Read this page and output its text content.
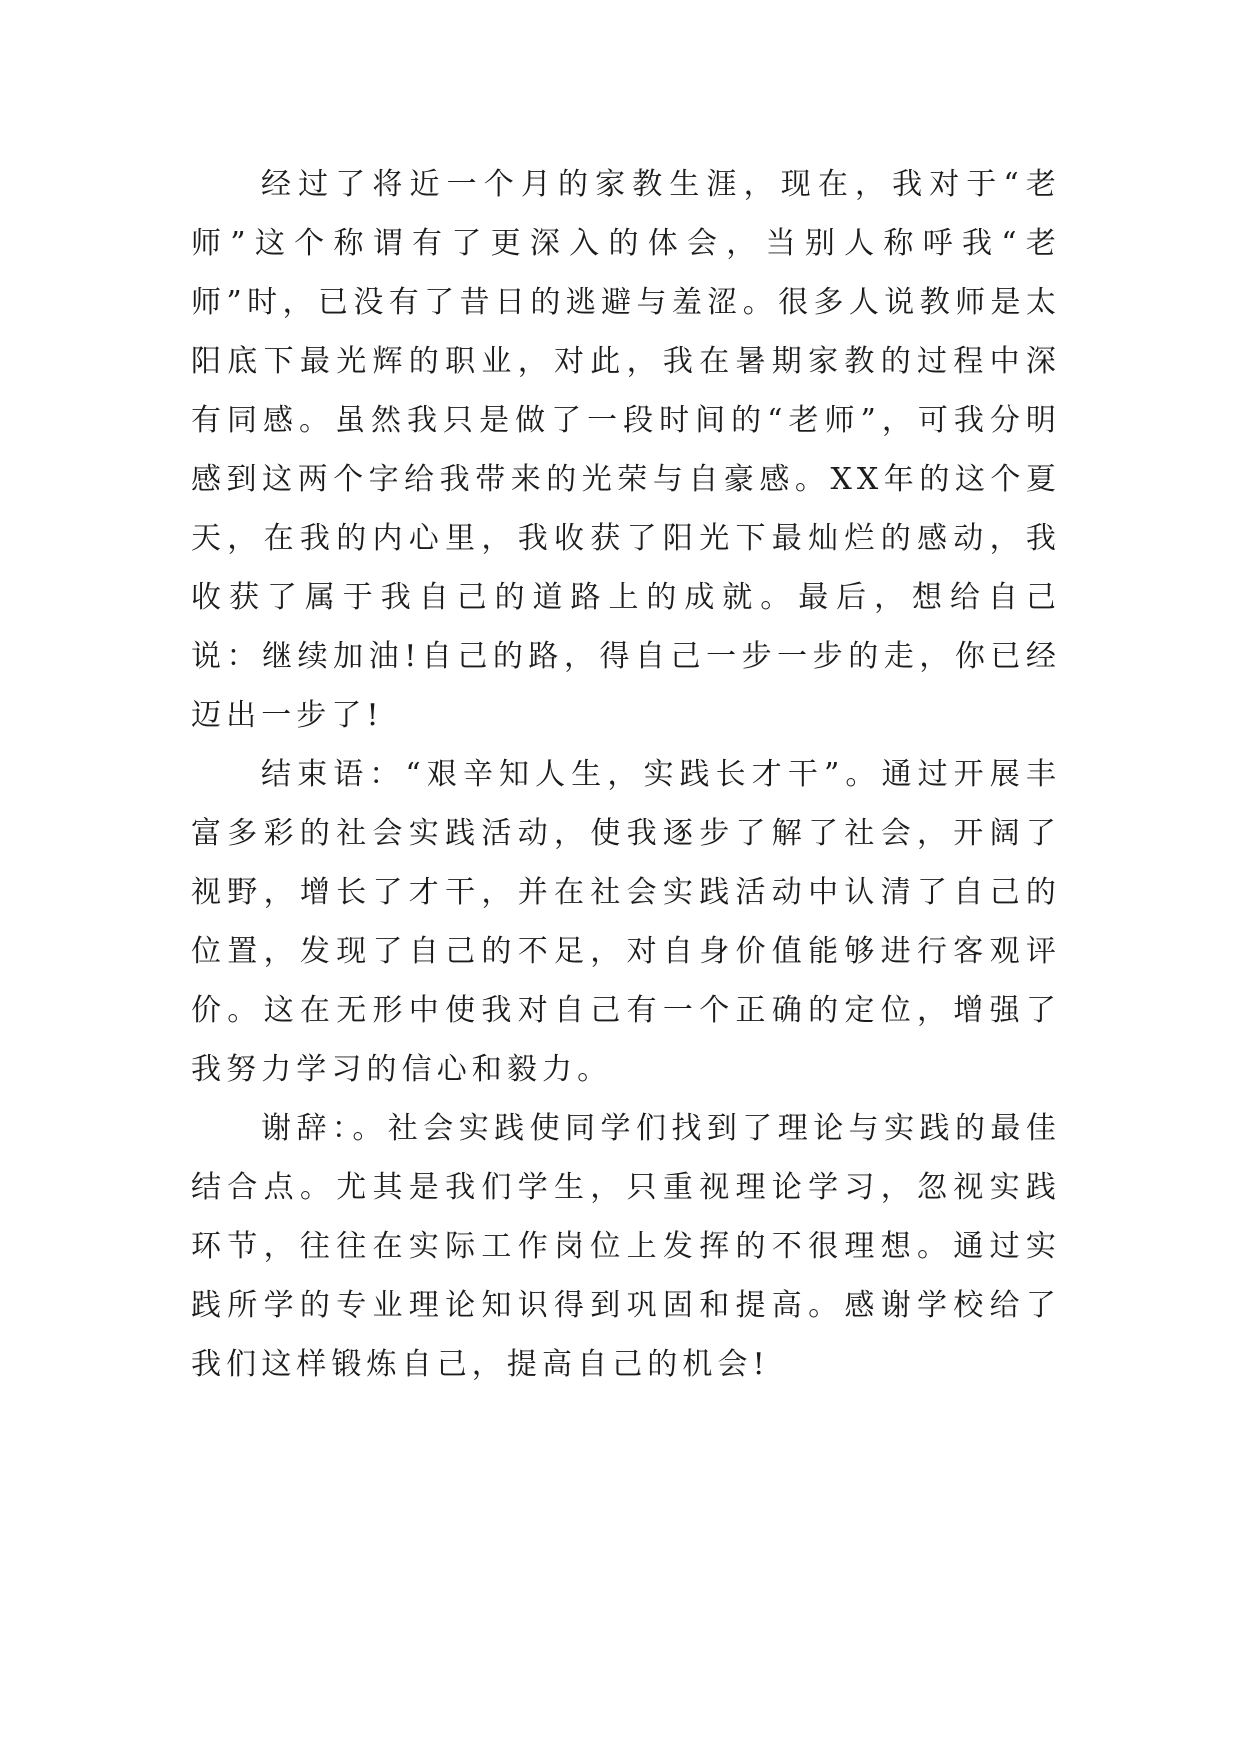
经过了将近一个月的家教生涯，现在，我对于“老师”这个称谓有了更深入的体会，当别人称呼我“老师”时，已没有了昔日的逃避与羞涩。很多人说教师是太阳底下最光辉的职业，对此，我在暑期家教的过程中深有同感。虽然我只是做了一段时间的“老师”，可我分明感到这两个字给我带来的光荣与自豪感。XX年的这个夏天，在我的内心里，我收获了阳光下最灿烂的感动，我收获了属于我自己的道路上的成就。最后，想给自己说：继续加油!自己的路，得自己一步一步的走，你已经迈出一步了!

结束语：“艰辛知人生，实践长才干”。通过开展丰富多彩的社会实践活动，使我逐步了解了社会，开阔了视野，增长了才干，并在社会实践活动中认清了自己的位置，发现了自己的不足，对自身价值能够进行客观评价。这在无形中使我对自己有一个正确的定位，增强了我努力学习的信心和毅力。

谢辞：。社会实践使同学们找到了理论与实践的最佳结合点。尤其是我们学生，只重视理论学习，忽视实践环节，往往在实际工作岗位上发挥的不很理想。通过实践所学的专业理论知识得到巩固和提高。感谢学校给了我们这样锻炼自己，提高自己的机会!
